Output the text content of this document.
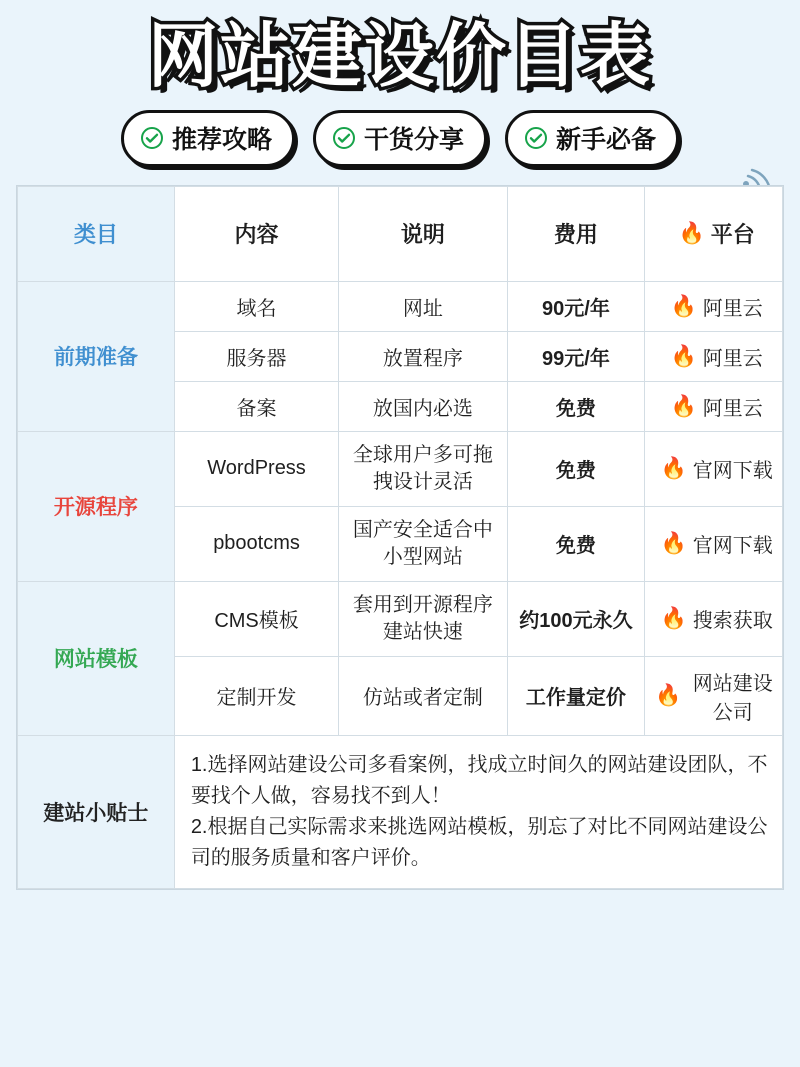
网站建设价目表
推荐攻略	干货分享	新手必备
类目	内容	说明	费用	🔥 平台

前期准备	域名	网址	90元/年	🔥 阿里云

	服务器	放置程序	99元/年	🔥 阿里云

	备案	放国内必选	免费	🔥 阿里云

开源程序	WordPress	全球用户多可拖拽设计灵活	免费	🔥 官网下载

	pbootcms	国产安全适合中小型网站	免费	🔥 官网下载

网站模板	CMS模板	套用到开源程序建站快速	约100元永久	🔥 搜索获取

	定制开发	仿站或者定制	工作量定价	🔥
网站建设公司

建站小贴士	1.选择网站建设公司多看案例，找成立时间久的网站建设团队，不要找个人做，容易找不到人！

2.根据自己实际需求来挑选网站模板，别忘了对比不同网站建设公司的服务质量和客户评价。			
